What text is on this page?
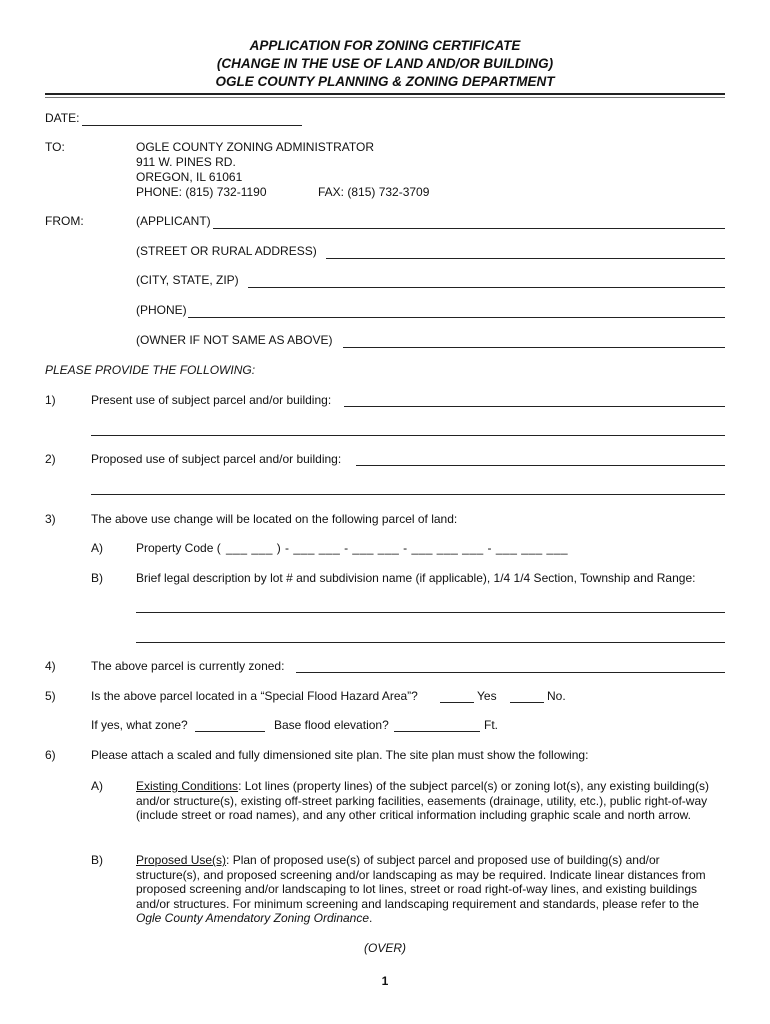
APPLICATION FOR ZONING CERTIFICATE
(CHANGE IN THE USE OF LAND AND/OR BUILDING)
OGLE COUNTY PLANNING & ZONING DEPARTMENT
DATE:
TO:	OGLE COUNTY ZONING ADMINISTRATOR
911 W. PINES RD.
OREGON, IL 61061
PHONE: (815) 732-1190	FAX: (815) 732-3709
FROM:	(APPLICANT)
(STREET OR RURAL ADDRESS)
(CITY, STATE, ZIP)
(PHONE)
(OWNER IF NOT SAME AS ABOVE)
PLEASE PROVIDE THE FOLLOWING:
1)	Present use of subject parcel and/or building:
2)	Proposed use of subject parcel and/or building:
3)	The above use change will be located on the following parcel of land:
A)	Property Code ( ___ ___ ) - ___ ___ - ___ ___ - ___ ___ ___ - ___ ___ ___
B)	Brief legal description by lot # and subdivision name (if applicable), 1/4 1/4 Section, Township and Range:
4)	The above parcel is currently zoned:
5)	Is the above parcel located in a “Special Flood Hazard Area”?	Yes	No.
If yes, what zone?	Base flood elevation?	Ft.
6)	Please attach a scaled and fully dimensioned site plan. The site plan must show the following:
A)	Existing Conditions: Lot lines (property lines) of the subject parcel(s) or zoning lot(s), any existing building(s) and/or structure(s), existing off-street parking facilities, easements (drainage, utility, etc.), public right-of-way (include street or road names), and any other critical information including graphic scale and north arrow.
B)	Proposed Use(s): Plan of proposed use(s) of subject parcel and proposed use of building(s) and/or structure(s), and proposed screening and/or landscaping as may be required. Indicate linear distances from proposed screening and/or landscaping to lot lines, street or road right-of-way lines, and existing buildings and/or structures. For minimum screening and landscaping requirement and standards, please refer to the Ogle County Amendatory Zoning Ordinance.
(OVER)
1
